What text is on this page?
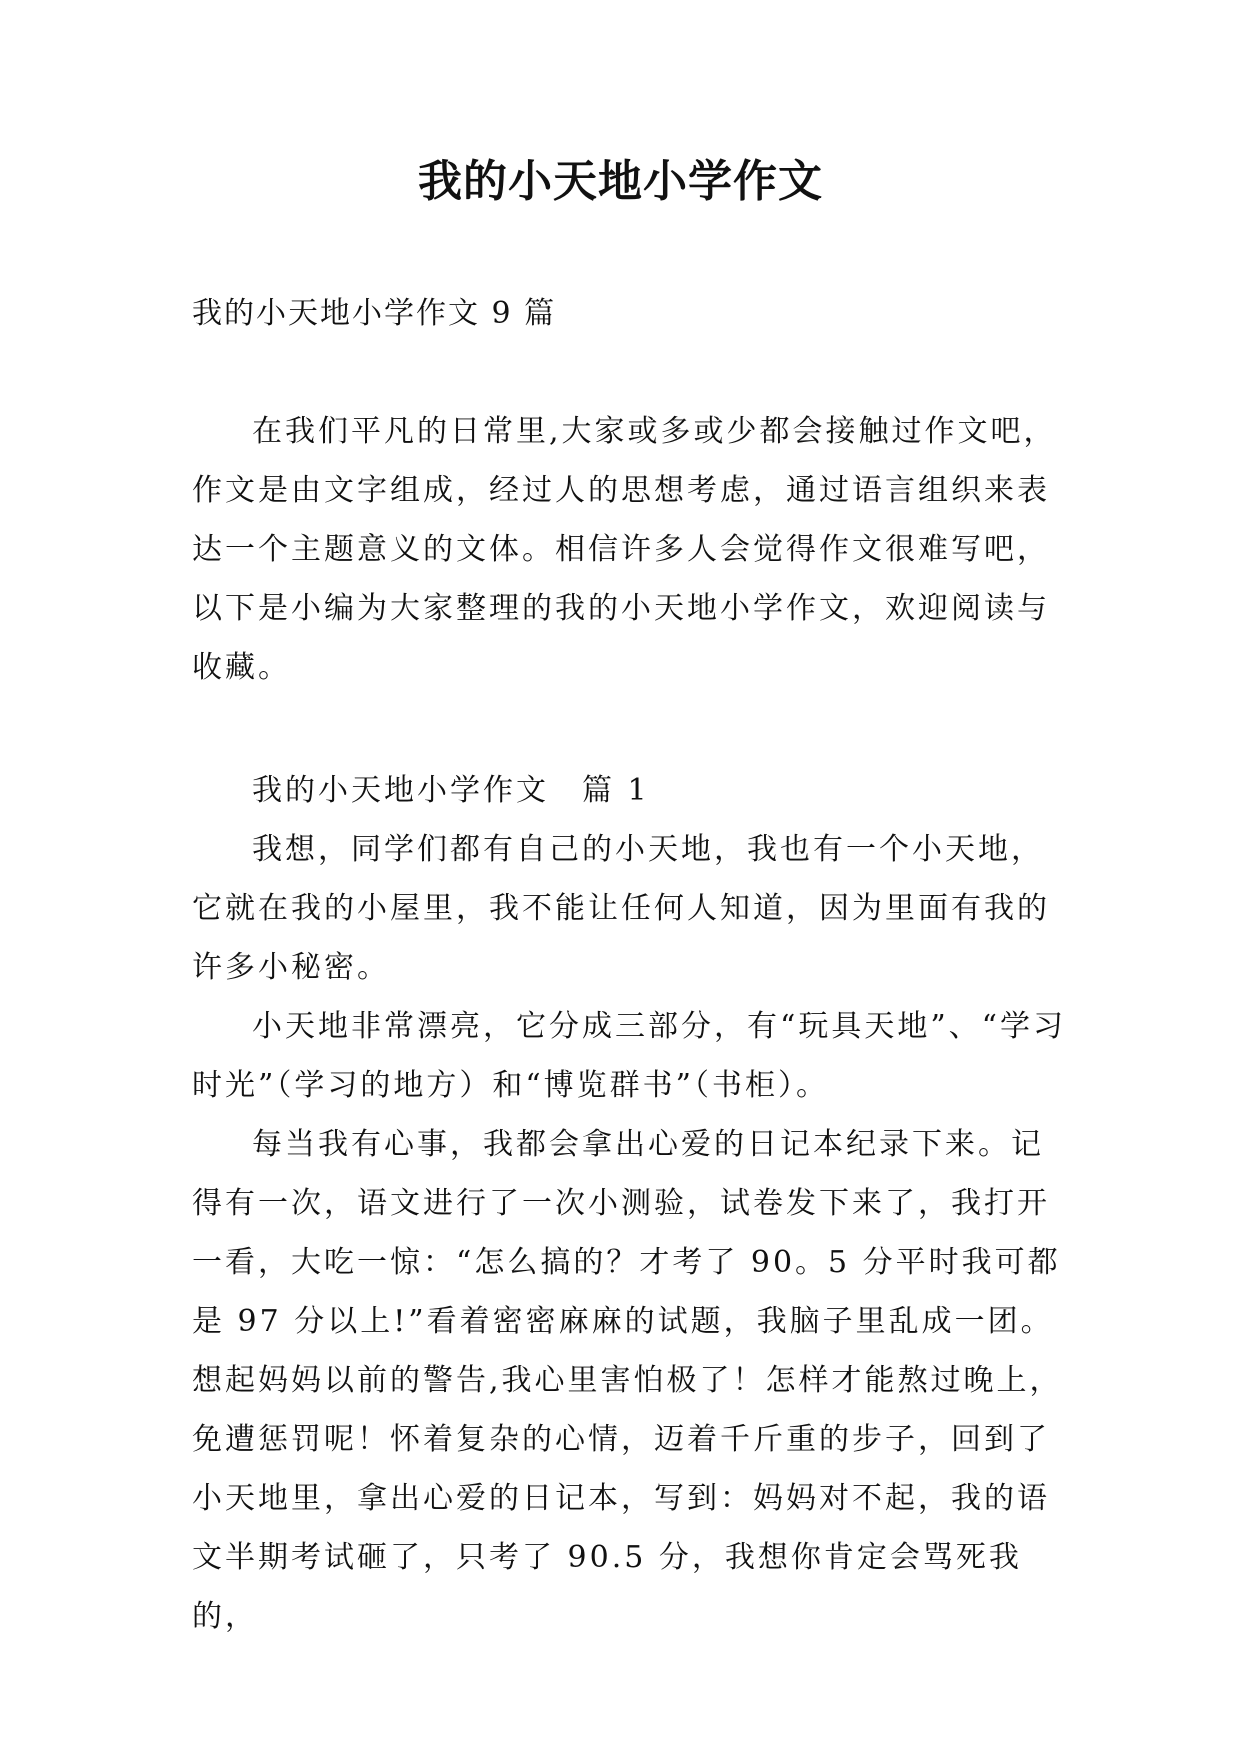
我的小天地小学作文
我的小天地小学作文 9 篇

在我们平凡的日常里,大家或多或少都会接触过作文吧，作文是由文字组成，经过人的思想考虑，通过语言组织来表达一个主题意义的文体。相信许多人会觉得作文很难写吧，以下是小编为大家整理的我的小天地小学作文，欢迎阅读与收藏。

我的小天地小学作文　篇 1

我想，同学们都有自己的小天地，我也有一个小天地，它就在我的小屋里，我不能让任何人知道，因为里面有我的许多小秘密。

小天地非常漂亮，它分成三部分，有“玩具天地”、“学习时光”（学习的地方）和“博览群书”（书柜）。

每当我有心事，我都会拿出心爱的日记本纪录下来。记得有一次，语文进行了一次小测验，试卷发下来了，我打开一看，大吃一惊：“怎么搞的？才考了 90。5 分平时我可都是 97 分以上!”看着密密麻麻的试题，我脑子里乱成一团。想起妈妈以前的警告,我心里害怕极了！怎样才能熬过晚上，免遭惩罚呢！怀着复杂的心情，迈着千斤重的步子，回到了小天地里，拿出心爱的日记本，写到：妈妈对不起，我的语文半期考试砸了，只考了 90.5 分，我想你肯定会骂死我的，
